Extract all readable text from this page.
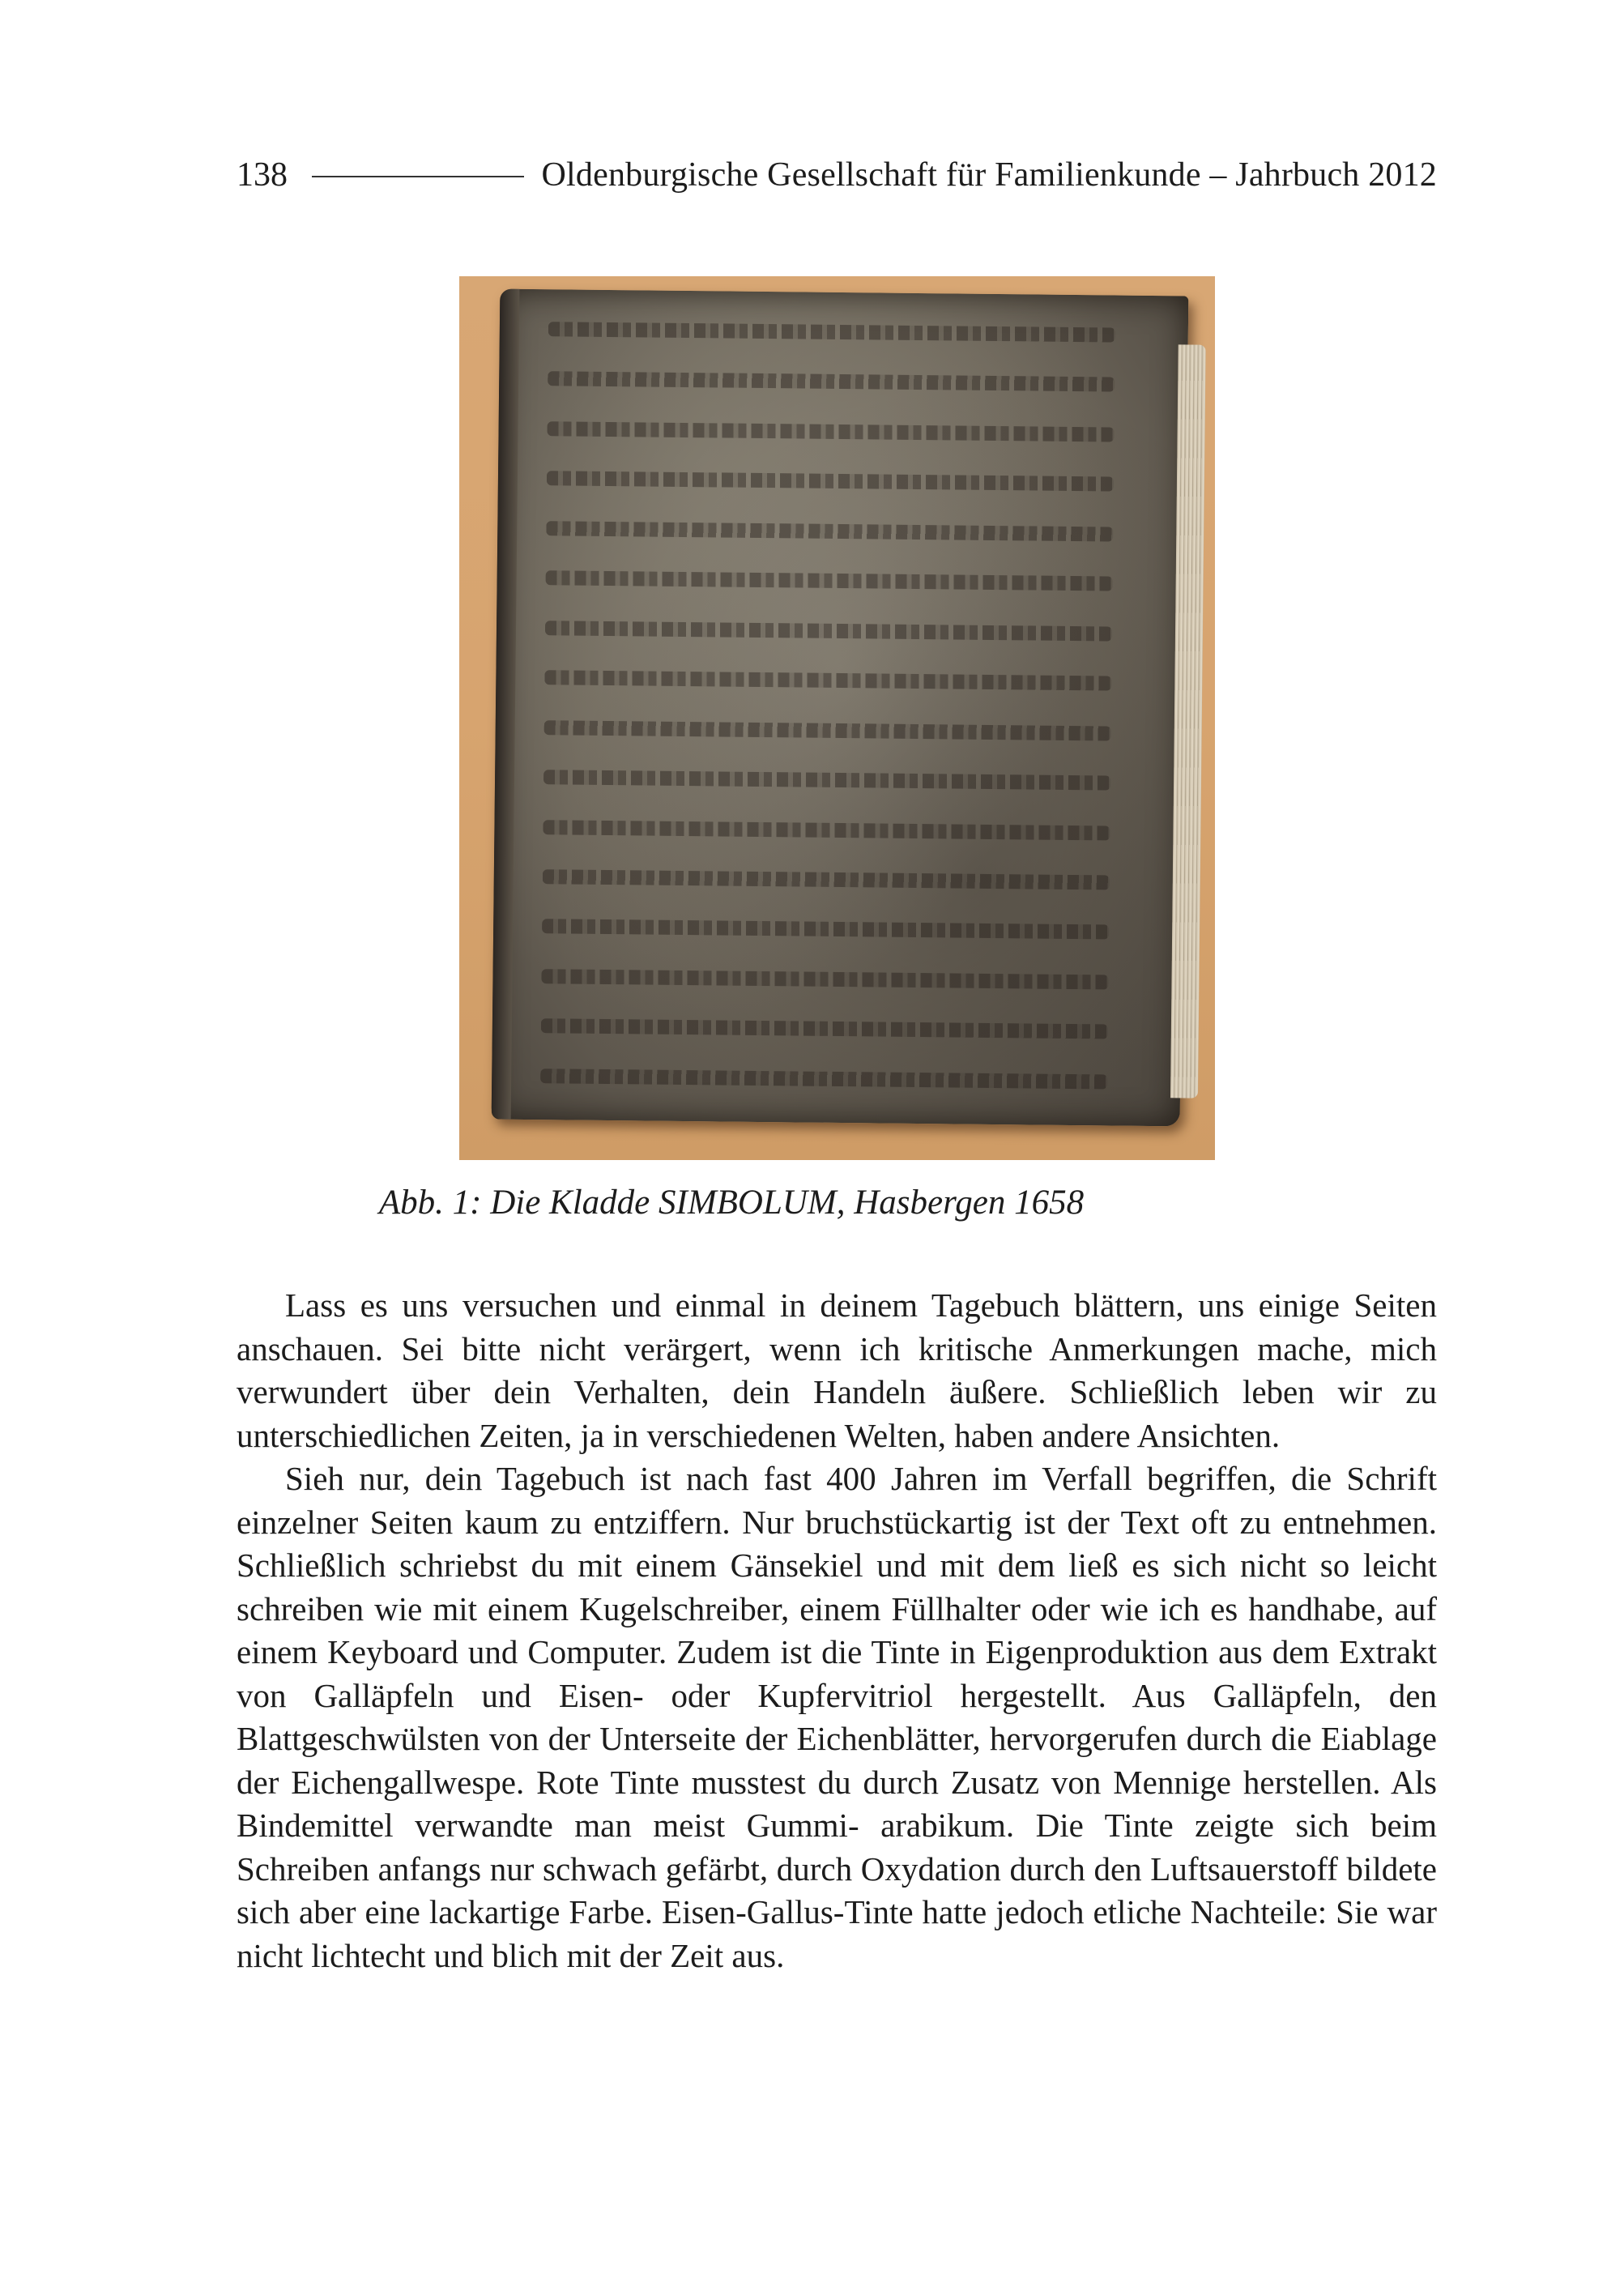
138	Oldenburgische Gesellschaft für Familienkunde – Jahrbuch 2012
Abb. 1: Die Kladde SIMBOLUM, Hasbergen 1658

Lass es uns versuchen und einmal in deinem Tagebuch blättern, uns einige Seiten anschauen. Sei bitte nicht verärgert, wenn ich kritische Anmerkungen mache, mich verwundert über dein Verhalten, dein Handeln äußere. Schließlich leben wir zu unterschiedlichen Zeiten, ja in verschiedenen Welten, haben andere Ansichten.

Sieh nur, dein Tagebuch ist nach fast 400 Jahren im Verfall begriffen, die Schrift einzelner Seiten kaum zu entziffern. Nur bruchstückartig ist der Text oft zu entnehmen. Schließlich schriebst du mit einem Gänsekiel und mit dem ließ es sich nicht so leicht schreiben wie mit einem Kugelschreiber, einem Füllhalter oder wie ich es handhabe, auf einem Keyboard und Computer. Zudem ist die Tinte in Eigenproduktion aus dem Extrakt von Galläpfeln und Eisen- oder Kupfervitriol hergestellt. Aus Galläpfeln, den Blattgeschwülsten von der Unterseite der Eichenblätter, hervorgerufen durch die Eiablage der Eichengallwespe. Rote Tinte musstest du durch Zusatz von Mennige herstellen. Als Bindemittel verwandte man meist Gummi- arabikum. Die Tinte zeigte sich beim Schreiben anfangs nur schwach gefärbt, durch Oxydation durch den Luftsauerstoff bildete sich aber eine lackartige Farbe. Eisen-Gallus-Tinte hatte jedoch etliche Nachteile: Sie war nicht lichtecht und blich mit der Zeit aus.
